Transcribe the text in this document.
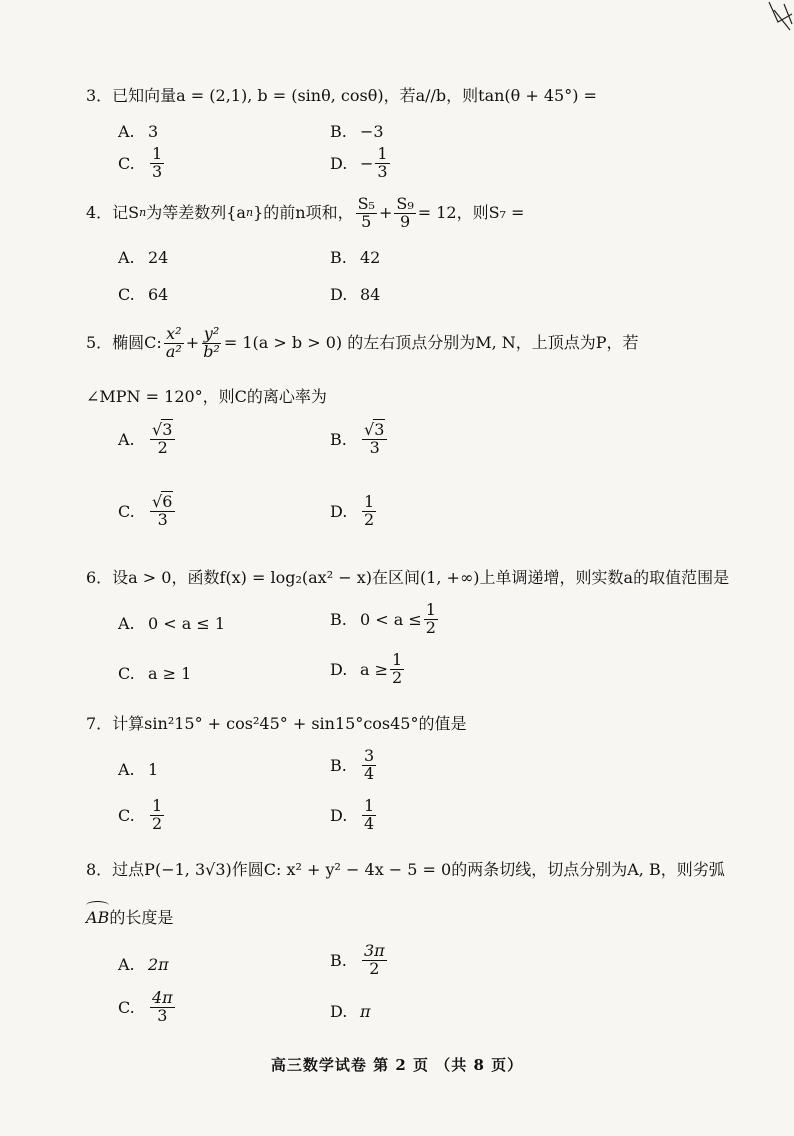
3．已知向量a = (2,1), b = (sinθ, cosθ)，若a//b，则tan(θ + 45°) =
A. 3	B. −3
C. $\frac{1}{3}$	D. − $\frac{1}{3}$
4．记S n 为等差数列{a n }的前n项和， $\frac{\text{S₅}}{5} + \frac{\text{S₉}}{9} = 12$，则S₇ =
A. 24	B. 42
C. 64	D. 84
5．椭圆C: $\frac{\text{x²}}{\text{a²}} + \frac{\text{y²}}{\text{b²}} = 1(a > b > 0)$ 的左右顶点分别为M, N，上顶点为P，若
∠MPN = 120°，则C的离心率为
A. $\frac{√3}{2}$	B. $\frac{√3}{3}$
C. $\frac{√6}{3}$	D. $\frac{1}{2}$
6．设a > 0，函数f(x) = log₂(ax² − x)在区间(1, +∞)上单调递增，则实数a的取值范围是
A. 0 < a ≤ 1	B. $0 < a \le \frac{1}{2}$
C. a ≥ 1	D. $a \ge \frac{1}{2}$
7．计算sin²15° + cos²45° + sin15°cos45°的值是
A. 1	B. $\frac{3}{4}$
C. $\frac{1}{2}$	D. $\frac{1}{4}$
8．过点P(−1, 3√3)作圆C: x² + y² − 4x − 5 = 0的两条切线，切点分别为A, B，则劣弧
AB的长度是
A. 2π	B. $\frac{3\pi}{2}$
C. $\frac{4\pi}{3}$	D. π
高三数学试卷 第 2 页 （共 8 页）
